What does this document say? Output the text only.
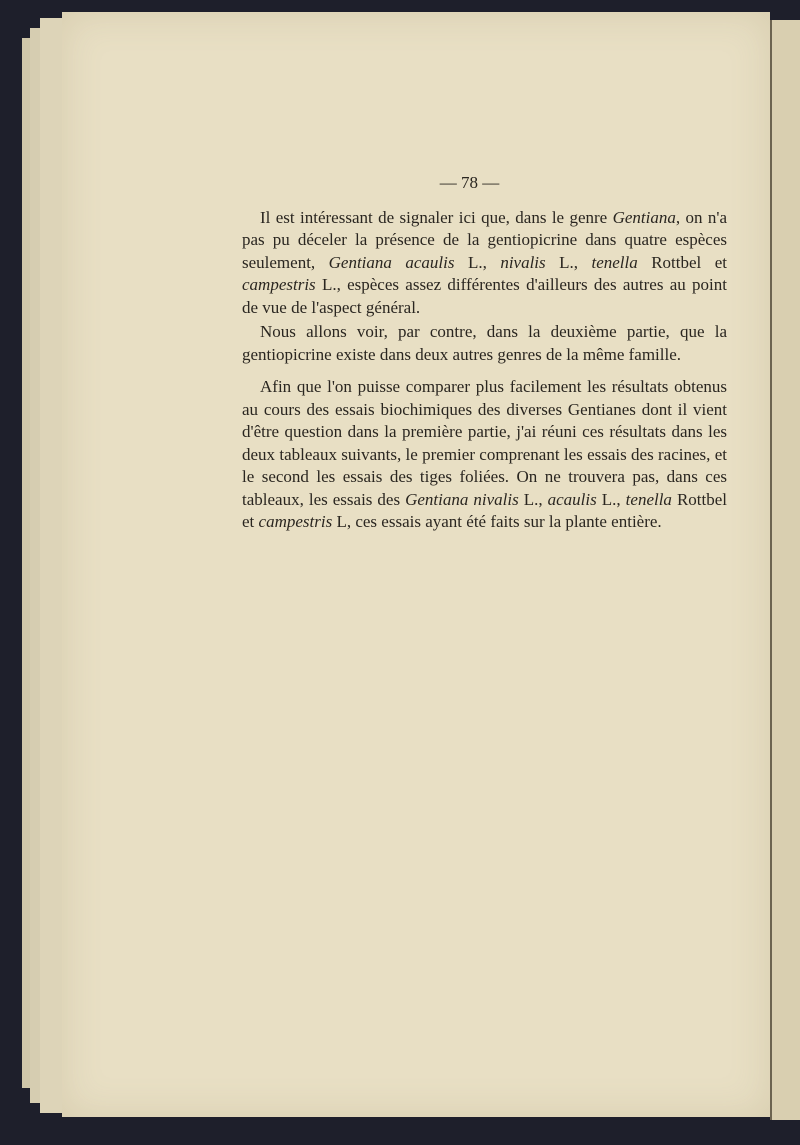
— 78 —

Il est intéressant de signaler ici que, dans le genre Gentiana, on n'a pas pu déceler la présence de la gentiopicrine dans quatre espèces seulement, Gentiana acaulis L., nivalis L., tenella Rottbel et campestris L., espèces assez différentes d'ailleurs des autres au point de vue de l'aspect général.

Nous allons voir, par contre, dans la deuxième partie, que la gentiopicrine existe dans deux autres genres de la même famille.

Afin que l'on puisse comparer plus facilement les résultats obtenus au cours des essais biochimiques des diverses Gentianes dont il vient d'être question dans la première partie, j'ai réuni ces résultats dans les deux tableaux suivants, le premier comprenant les essais des racines, et le second les essais des tiges foliées. On ne trouvera pas, dans ces tableaux, les essais des Gentiana nivalis L., acaulis L., tenella Rottbel et campestris L, ces essais ayant été faits sur la plante entière.
